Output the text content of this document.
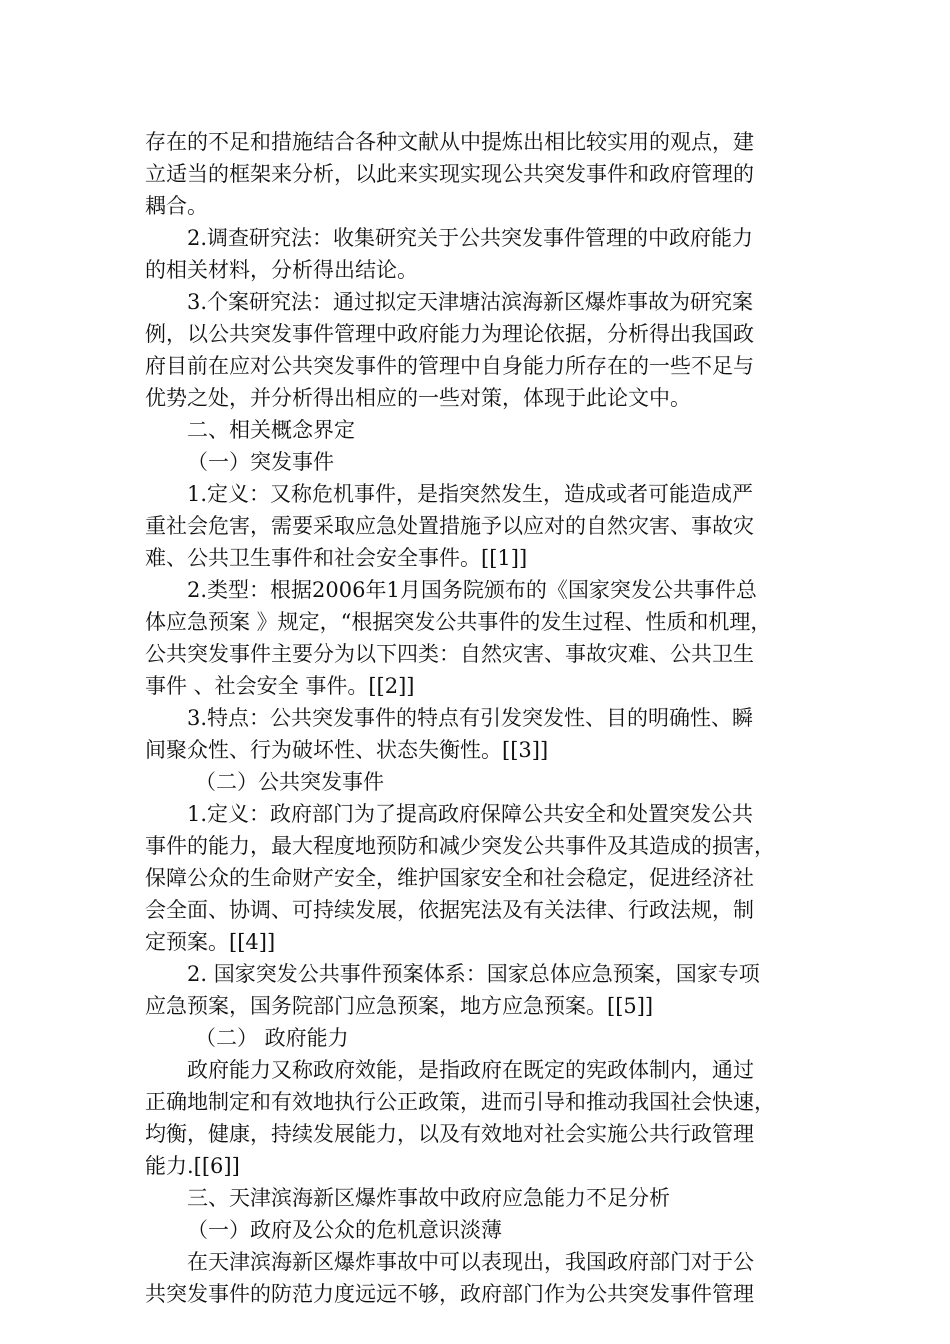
存在的不足和措施结合各种文献从中提炼出相比较实用的观点，建
立适当的框架来分析，以此来实现实现公共突发事件和政府管理的
耦合。
2.调查研究法：收集研究关于公共突发事件管理的中政府能力
的相关材料，分析得出结论。
3.个案研究法：通过拟定天津塘沽滨海新区爆炸事故为研究案
例，以公共突发事件管理中政府能力为理论依据，分析得出我国政
府目前在应对公共突发事件的管理中自身能力所存在的一些不足与
优势之处，并分析得出相应的一些对策，体现于此论文中。
二、相关概念界定
（一）突发事件
1.定义：又称危机事件，是指突然发生，造成或者可能造成严
重社会危害，需要采取应急处置措施予以应对的自然灾害、事故灾
难、公共卫生事件和社会安全事件。[[1]]
2.类型：根据2006年1月国务院颁布的《国家突发公共事件总
体应急预案 》规定，“根据突发公共事件的发生过程、性质和机理，
公共突发事件主要分为以下四类：自然灾害、事故灾难、公共卫生
事件 、社会安全 事件。[[2]]
3.特点：公共突发事件的特点有引发突发性、目的明确性、瞬
间聚众性、行为破坏性、状态失衡性。[[3]]
（二）公共突发事件
1.定义：政府部门为了提高政府保障公共安全和处置突发公共
事件的能力，最大程度地预防和减少突发公共事件及其造成的损害，
保障公众的生命财产安全，维护国家安全和社会稳定，促进经济社
会全面、协调、可持续发展，依据宪法及有关法律、行政法规，制
定预案。[[4]]
2. 国家突发公共事件预案体系：国家总体应急预案，国家专项
应急预案，国务院部门应急预案，地方应急预案。[[5]]
（二） 政府能力
政府能力又称政府效能，是指政府在既定的宪政体制内，通过
正确地制定和有效地执行公正政策，进而引导和推动我国社会快速，
均衡，健康，持续发展能力，以及有效地对社会实施公共行政管理
能力.[[6]]
三、天津滨海新区爆炸事故中政府应急能力不足分析
（一）政府及公众的危机意识淡薄
在天津滨海新区爆炸事故中可以表现出，我国政府部门对于公
共突发事件的防范力度远远不够，政府部门作为公共突发事件管理
